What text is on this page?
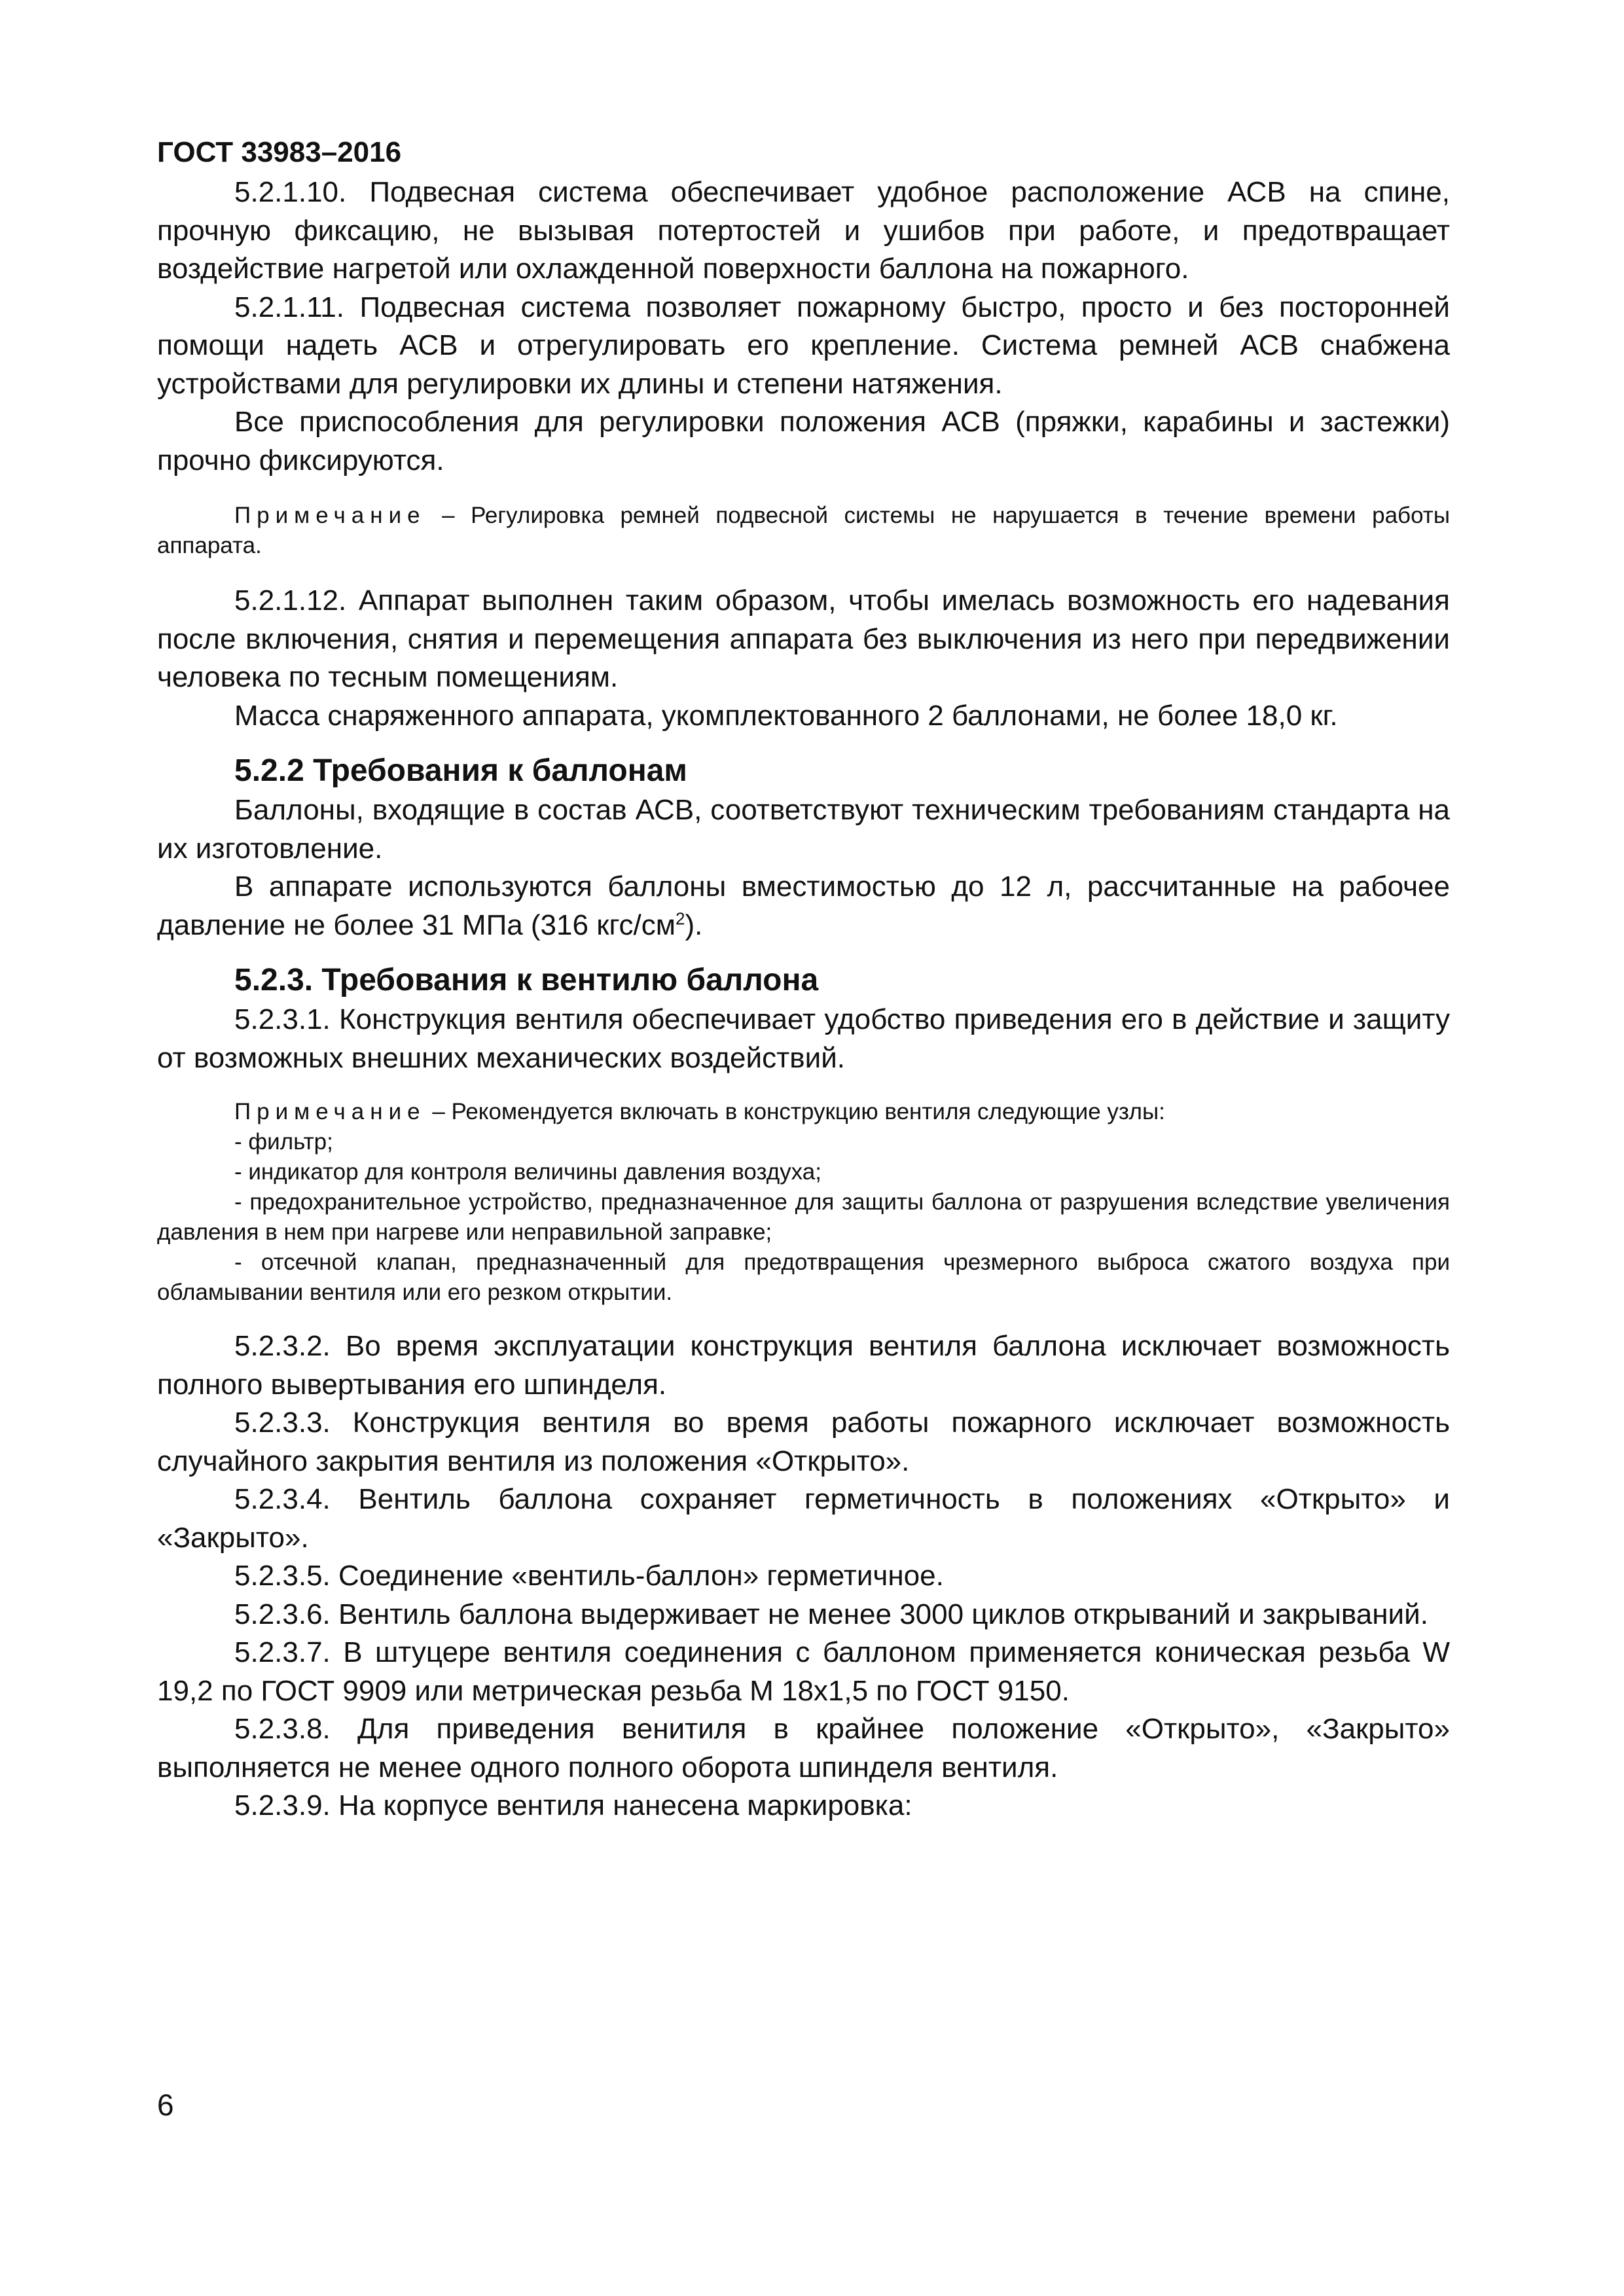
ГОСТ 33983–2016

5.2.1.10. Подвесная система обеспечивает удобное расположение АСВ на спине, прочную фиксацию, не вызывая потертостей и ушибов при работе, и предотвращает воздействие нагретой или охлажденной поверхности баллона на пожарного.

5.2.1.11. Подвесная система позволяет пожарному быстро, просто и без посторонней помощи надеть АСВ и отрегулировать его крепление. Система ремней АСВ снабжена устройствами для регулировки их длины и степени натяжения.

Все приспособления для регулировки положения АСВ (пряжки, карабины и застежки) прочно фиксируются.

Примечание – Регулировка ремней подвесной системы не нарушается в течение времени работы аппарата.

5.2.1.12. Аппарат выполнен таким образом, чтобы имелась возможность его надевания после включения, снятия и перемещения аппарата без выключения из него при передвижении человека по тесным помещениям.

Масса снаряженного аппарата, укомплектованного 2 баллонами, не более 18,0 кг.

5.2.2 Требования к баллонам

Баллоны, входящие в состав АСВ, соответствуют техническим требованиям стандарта на их изготовление.

В аппарате используются баллоны вместимостью до 12 л, рассчитанные на рабочее давление не более 31 МПа (316 кгс/$см^2$).

5.2.3. Требования к вентилю баллона

5.2.3.1. Конструкция вентиля обеспечивает удобство приведения его в действие и защиту от возможных внешних механических воздействий.

Примечание – Рекомендуется включать в конструкцию вентиля следующие узлы:

- фильтр;

- индикатор для контроля величины давления воздуха;

- предохранительное устройство, предназначенное для защиты баллона от разрушения вследствие увеличения давления в нем при нагреве или неправильной заправке;

- отсечной клапан, предназначенный для предотвращения чрезмерного выброса сжатого воздуха при обламывании вентиля или его резком открытии.

5.2.3.2. Во время эксплуатации конструкция вентиля баллона исключает возможность полного вывертывания его шпинделя.

5.2.3.3. Конструкция вентиля во время работы пожарного исключает возможность случайного закрытия вентиля из положения «Открыто».

5.2.3.4. Вентиль баллона сохраняет герметичность в положениях «Открыто» и «Закрыто».

5.2.3.5. Соединение «вентиль-баллон» герметичное.

5.2.3.6. Вентиль баллона выдерживает не менее 3000 циклов открываний и закрываний.

5.2.3.7. В штуцере вентиля соединения с баллоном применяется коническая резьба W 19,2 по ГОСТ 9909 или метрическая резьба М 18х1,5 по ГОСТ 9150.

5.2.3.8. Для приведения венитиля в крайнее положение «Открыто», «Закрыто» выполняется не менее одного полного оборота шпинделя вентиля.

5.2.3.9. На корпусе вентиля нанесена маркировка:

6
